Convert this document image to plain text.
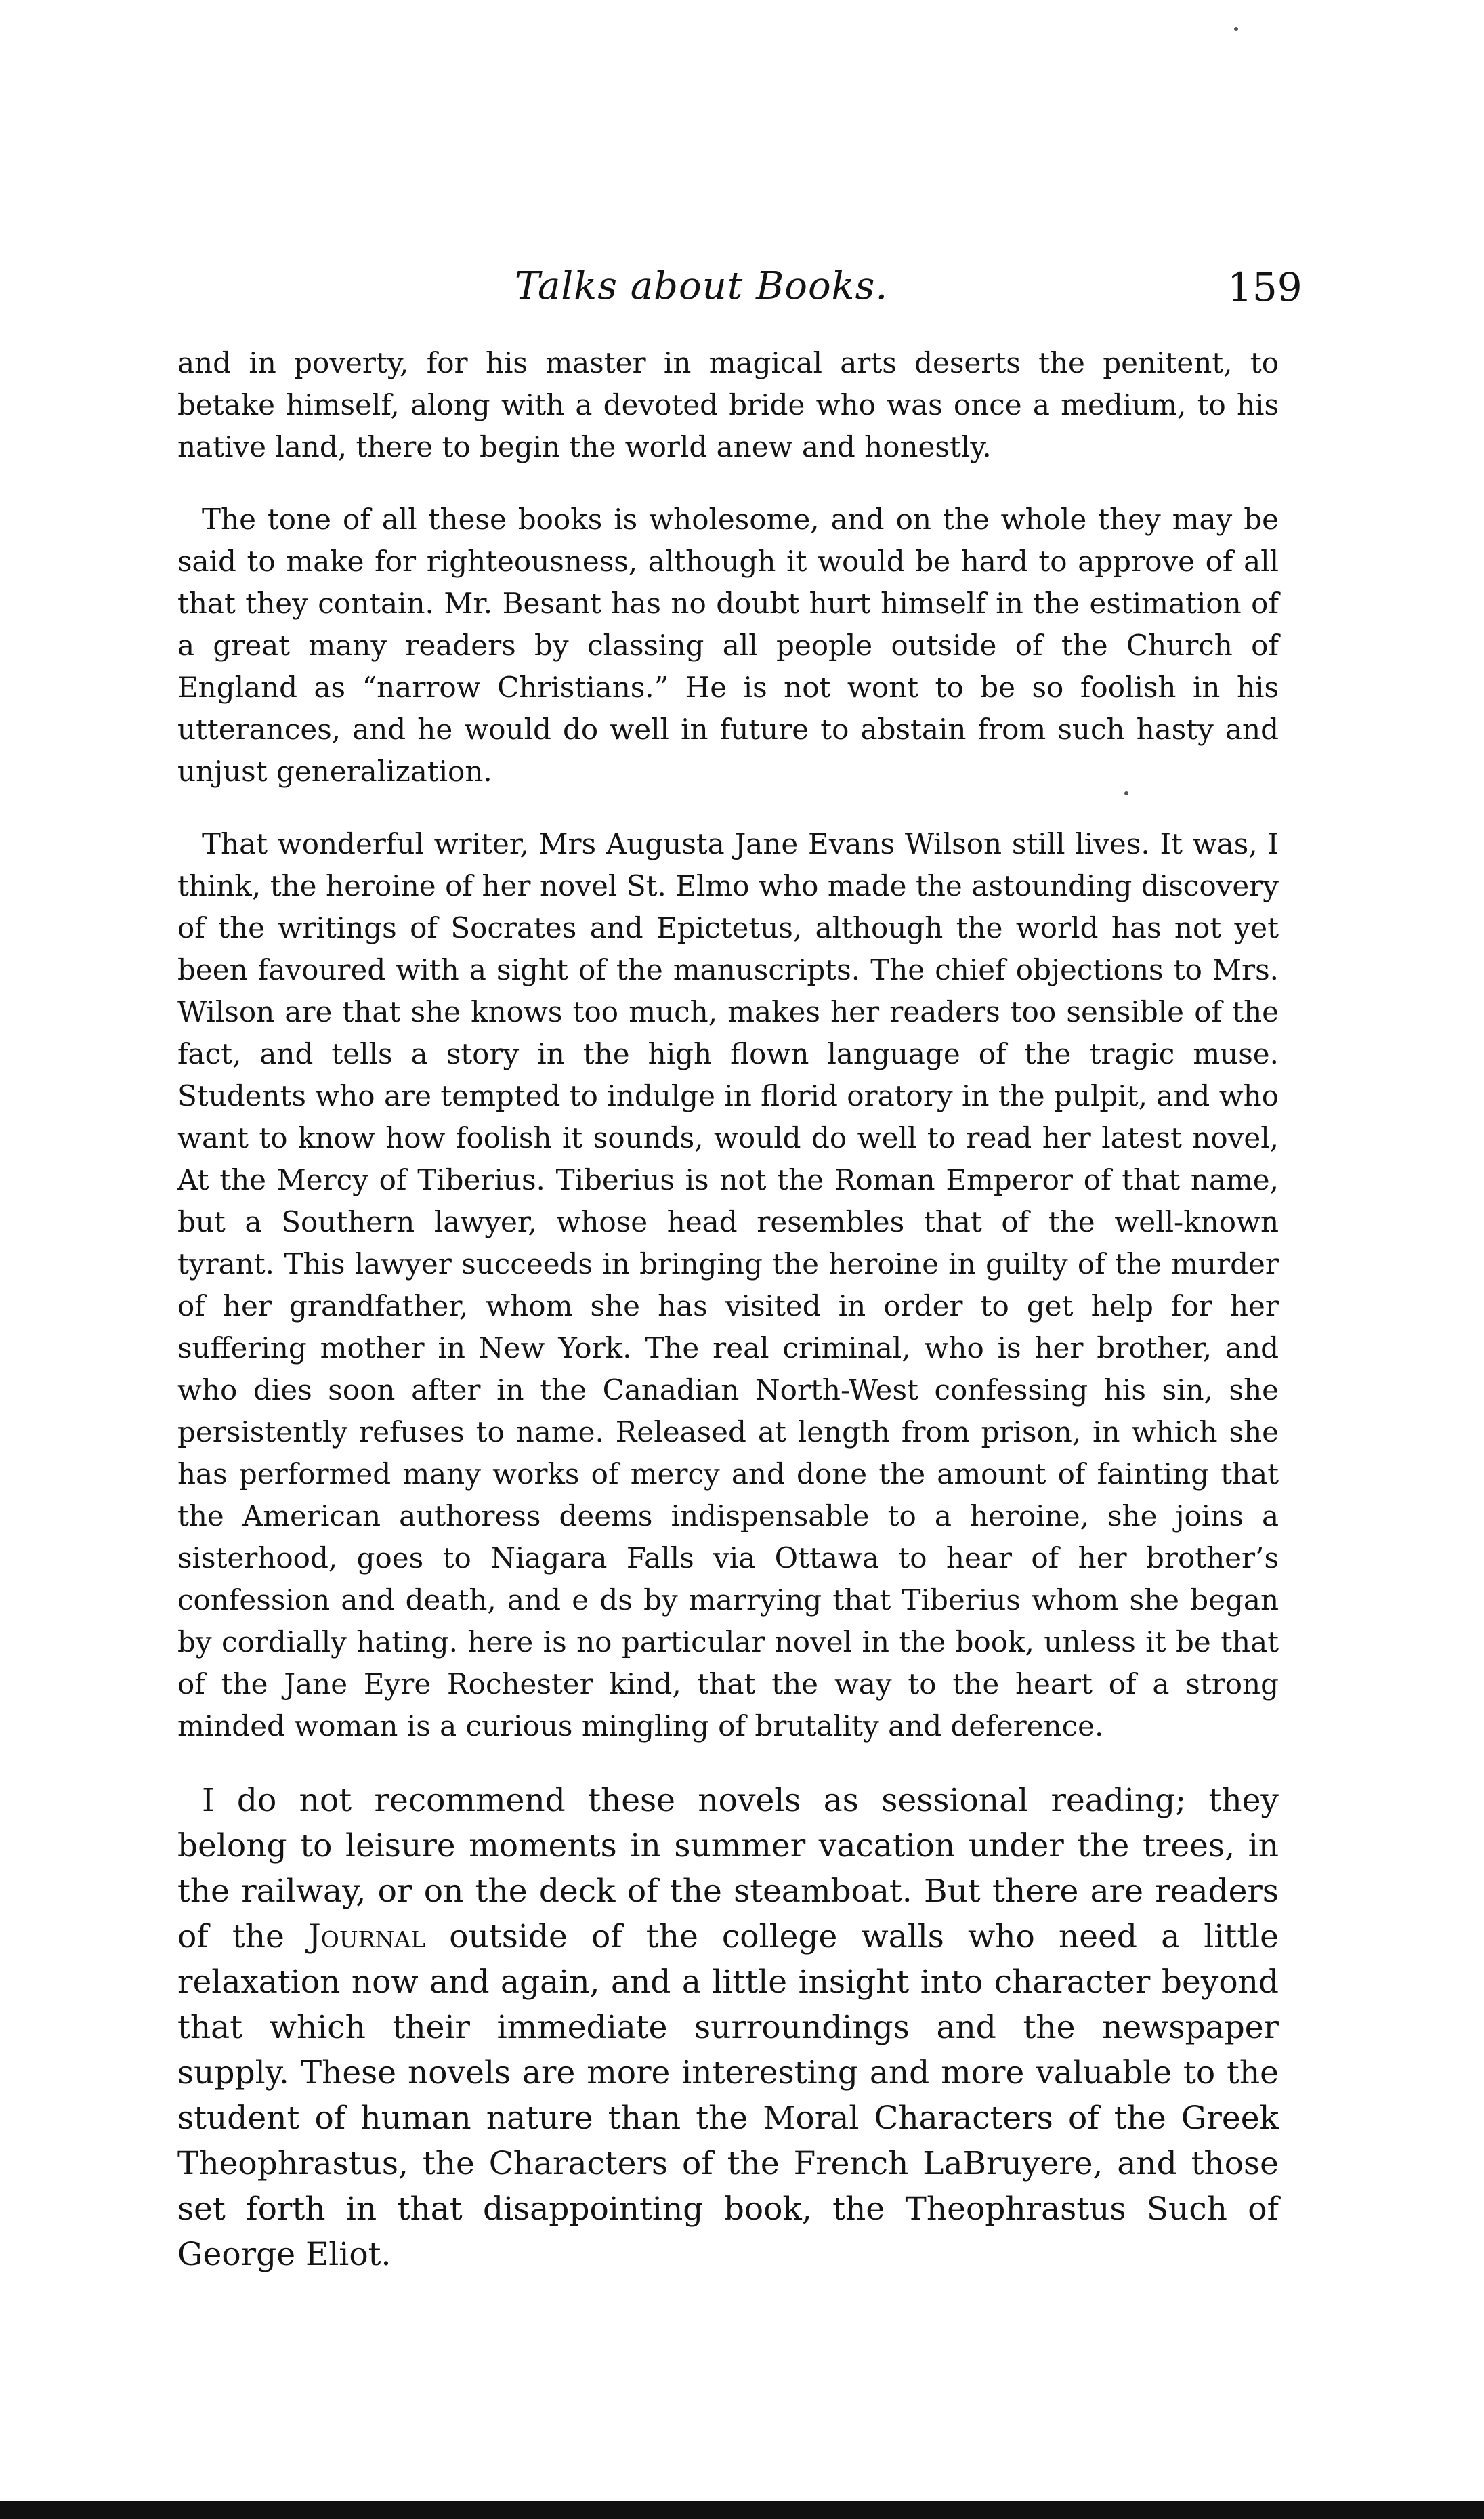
Talks about Books.	159

and in poverty, for his master in magical arts deserts the penitent, to betake himself, along with a devoted bride who was once a medium, to his native land, there to begin the world anew and honestly.

The tone of all these books is wholesome, and on the whole they may be said to make for righteousness, although it would be hard to approve of all that they contain. Mr. Besant has no doubt hurt himself in the estimation of a great many readers by classing all people outside of the Church of England as “narrow Christians.” He is not wont to be so foolish in his utterances, and he would do well in future to abstain from such hasty and unjust generalization.

That wonderful writer, Mrs Augusta Jane Evans Wilson still lives. It was, I think, the heroine of her novel St. Elmo who made the astounding discovery of the writings of Socrates and Epictetus, although the world has not yet been favoured with a sight of the manuscripts. The chief objections to Mrs. Wilson are that she knows too much, makes her readers too sensible of the fact, and tells a story in the high flown language of the tragic muse. Students who are tempted to indulge in florid oratory in the pulpit, and who want to know how foolish it sounds, would do well to read her latest novel, At the Mercy of Tiberius. Tiberius is not the Roman Emperor of that name, but a Southern lawyer, whose head resembles that of the well-known tyrant. This lawyer succeeds in bringing the heroine in guilty of the murder of her grandfather, whom she has visited in order to get help for her suffering mother in New York. The real criminal, who is her brother, and who dies soon after in the Canadian North-West confessing his sin, she persistently refuses to name. Released at length from prison, in which she has performed many works of mercy and done the amount of fainting that the American authoress deems indispensable to a heroine, she joins a sisterhood, goes to Niagara Falls via Ottawa to hear of her brother’s confession and death, and e ds by marrying that Tiberius whom she began by cordially hating. here is no particular novel in the book, unless it be that of the Jane Eyre Rochester kind, that the way to the heart of a strong minded woman is a curious mingling of brutality and deference.

I do not recommend these novels as sessional reading; they belong to leisure moments in summer vacation under the trees, in the railway, or on the deck of the steamboat. But there are readers of the Journal outside of the college walls who need a little relaxation now and again, and a little insight into character beyond that which their immediate surroundings and the newspaper supply. These novels are more interesting and more valuable to the student of human nature than the Moral Characters of the Greek Theophrastus, the Characters of the French LaBruyere, and those set forth in that disappointing book, the Theophrastus Such of George Eliot.
